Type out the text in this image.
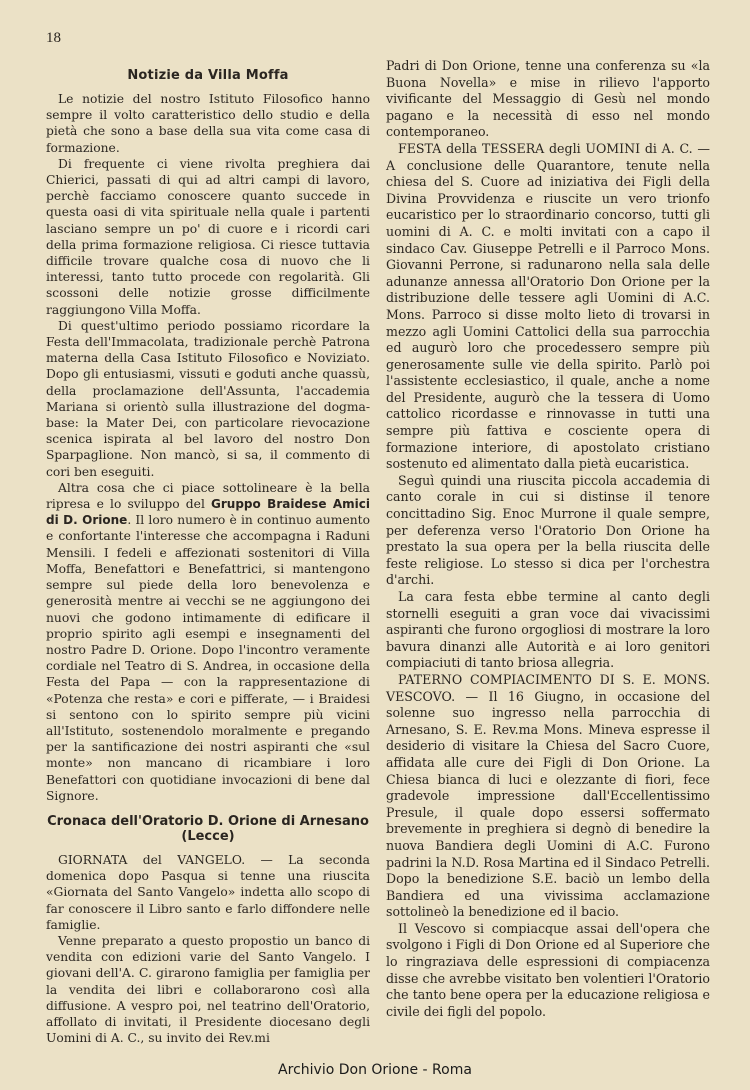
18
Notizie da Villa Moffa

Le notizie del nostro Istituto Filosofico hanno sempre il volto caratteristico dello studio e della pietà che sono a base della sua vita come casa di formazione.

Di frequente ci viene rivolta preghiera dai Chierici, passati di qui ad altri campi di lavoro, perchè facciamo conoscere quanto succede in questa oasi di vita spirituale nella quale i partenti lasciano sempre un po' di cuore e i ricordi cari della prima formazione religiosa. Ci riesce tuttavia difficile trovare qualche cosa di nuovo che li interessi, tanto tutto procede con regolarità. Gli scossoni delle notizie grosse difficilmente raggiungono Villa Moffa.

Di quest'ultimo periodo possiamo ricordare la Festa dell'Immacolata, tradizionale perchè Patrona materna della Casa Istituto Filosofico e Noviziato. Dopo gli entusiasmi, vissuti e goduti anche quassù, della proclamazione dell'Assunta, l'accademia Mariana si orientò sulla illustrazione del dogma-base: la Mater Dei, con particolare rievocazione scenica ispirata al bel lavoro del nostro Don Sparpaglione. Non mancò, si sa, il commento di cori ben eseguiti.

Altra cosa che ci piace sottolineare è la bella ripresa e lo sviluppo del Gruppo Braidese Amici di D. Orione. Il loro numero è in continuo aumento e confortante l'interesse che accompagna i Raduni Mensili. I fedeli e affezionati sostenitori di Villa Moffa, Benefattori e Benefattrici, si mantengono sempre sul piede della loro benevolenza e generosità mentre ai vecchi se ne aggiungono dei nuovi che godono intimamente di edificare il proprio spirito agli esempi e insegnamenti del nostro Padre D. Orione. Dopo l'incontro veramente cordiale nel Teatro di S. Andrea, in occasione della Festa del Papa — con la rappresentazione di «Potenza che resta» e cori e pifferate, — i Braidesi si sentono con lo spirito sempre più vicini all'Istituto, sostenendolo moralmente e pregando per la santificazione dei nostri aspiranti che «sul monte» non mancano di ricambiare i loro Benefattori con quotidiane invocazioni di bene dal Signore.

Cronaca dell'Oratorio D. Orione di Arnesano (Lecce)

GIORNATA del VANGELO. — La seconda domenica dopo Pasqua si tenne una riuscita «Giornata del Santo Vangelo» indetta allo scopo di far conoscere il Libro santo e farlo diffondere nelle famiglie.

Venne preparato a questo propostio un banco di vendita con edizioni varie del Santo Vangelo. I giovani dell'A. C. girarono famiglia per famiglia per la vendita dei libri e collaborarono così alla diffusione. A vespro poi, nel teatrino dell'Oratorio, affollato di invitati, il Presidente diocesano degli Uomini di A. C., su invito dei Rev.mi

Padri di Don Orione, tenne una conferenza su «la Buona Novella» e mise in rilievo l'apporto vivificante del Messaggio di Gesù nel mondo pagano e la necessità di esso nel mondo contemporaneo.

FESTA della TESSERA degli UOMINI di A. C. — A conclusione delle Quarantore, tenute nella chiesa del S. Cuore ad iniziativa dei Figli della Divina Provvidenza e riuscite un vero trionfo eucaristico per lo straordinario concorso, tutti gli uomini di A. C. e molti invitati con a capo il sindaco Cav. Giuseppe Petrelli e il Parroco Mons. Giovanni Perrone, si radunarono nella sala delle adunanze annessa all'Oratorio Don Orione per la distribuzione delle tessere agli Uomini di A.C. Mons. Parroco si disse molto lieto di trovarsi in mezzo agli Uomini Cattolici della sua parrocchia ed augurò loro che procedessero sempre più generosamente sulle vie della spirito. Parlò poi l'assistente ecclesiastico, il quale, anche a nome del Presidente, augurò che la tessera di Uomo cattolico ricordasse e rinnovasse in tutti una sempre più fattiva e cosciente opera di formazione interiore, di apostolato cristiano sostenuto ed alimentato dalla pietà eucaristica.

Seguì quindi una riuscita piccola accademia di canto corale in cui si distinse il tenore concittadino Sig. Enoc Murrone il quale sempre, per deferenza verso l'Oratorio Don Orione ha prestato la sua opera per la bella riuscita delle feste religiose. Lo stesso si dica per l'orchestra d'archi.

La cara festa ebbe termine al canto degli stornelli eseguiti a gran voce dai vivacissimi aspiranti che furono orgogliosi di mostrare la loro bavura dinanzi alle Autorità e ai loro genitori compiaciuti di tanto briosa allegria.

PATERNO COMPIACIMENTO DI S. E. MONS. VESCOVO. — Il 16 Giugno, in occasione del solenne suo ingresso nella parrocchia di Arnesano, S. E. Rev.ma Mons. Mineva espresse il desiderio di visitare la Chiesa del Sacro Cuore, affidata alle cure dei Figli di Don Orione. La Chiesa bianca di luci e olezzante di fiori, fece gradevole impressione dall'Eccellentissimo Presule, il quale dopo essersi soffermato brevemente in preghiera si degnò di benedire la nuova Bandiera degli Uomini di A.C. Furono padrini la N.D. Rosa Martina ed il Sindaco Petrelli. Dopo la benedizione S.E. baciò un lembo della Bandiera ed una vivissima acclamazione sottolineò la benedizione ed il bacio.

Il Vescovo si compiacque assai dell'opera che svolgono i Figli di Don Orione ed al Superiore che lo ringraziava delle espressioni di compiacenza disse che avrebbe visitato ben volentieri l'Oratorio che tanto bene opera per la educazione religiosa e civile dei figli del popolo.

Archivio Don Orione - Roma
